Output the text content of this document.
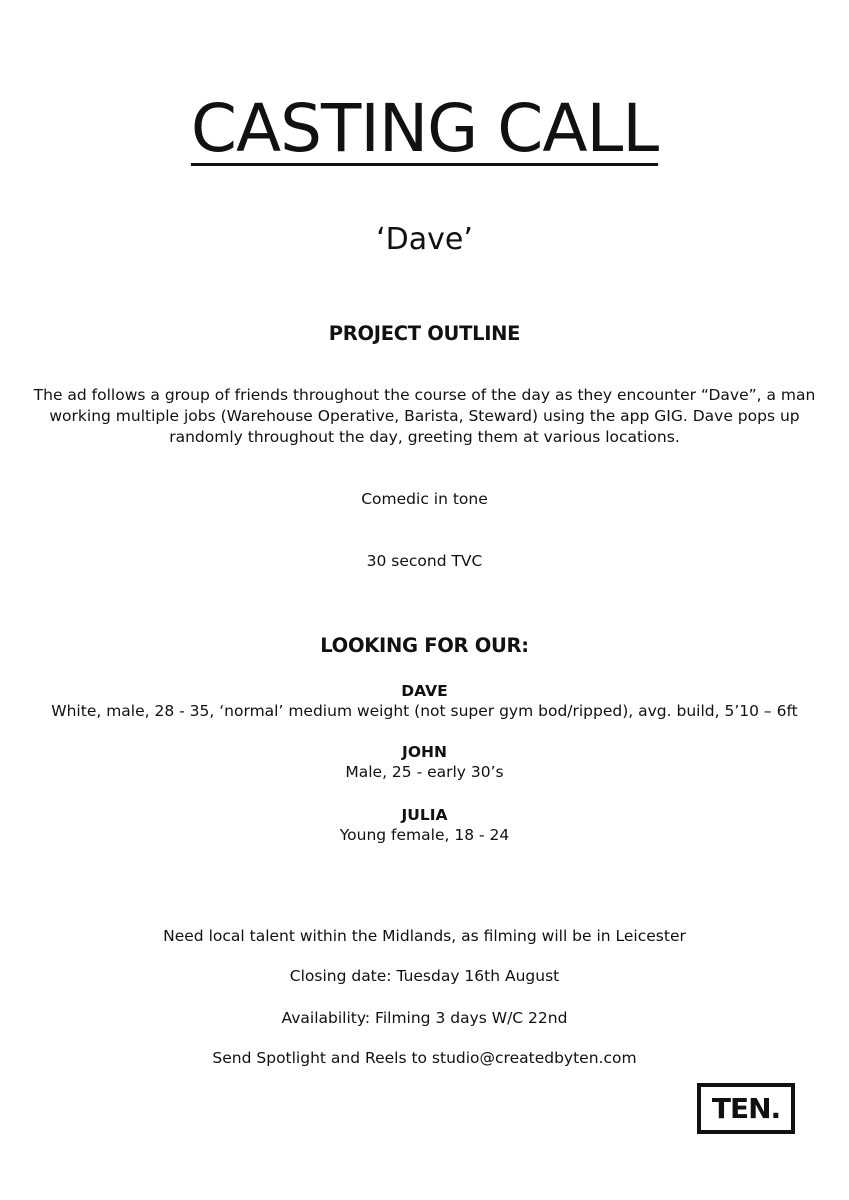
CASTING CALL
‘Dave’
PROJECT OUTLINE
The ad follows a group of friends throughout the course of the day as they encounter “Dave”, a man
working multiple jobs (Warehouse Operative, Barista, Steward) using the app GIG. Dave pops up
randomly throughout the day, greeting them at various locations.
Comedic in tone
30 second TVC
LOOKING FOR OUR:
DAVE
White, male, 28 - 35, ‘normal’ medium weight (not super gym bod/ripped), avg. build, 5’10 – 6ft
JOHN
Male, 25 - early 30’s
JULIA
Young female, 18 - 24
Need local talent within the Midlands, as filming will be in Leicester
Closing date: Tuesday 16th August
Availability: Filming 3 days W/C 22nd
Send Spotlight and Reels to studio@createdbyten.com
TEN.
